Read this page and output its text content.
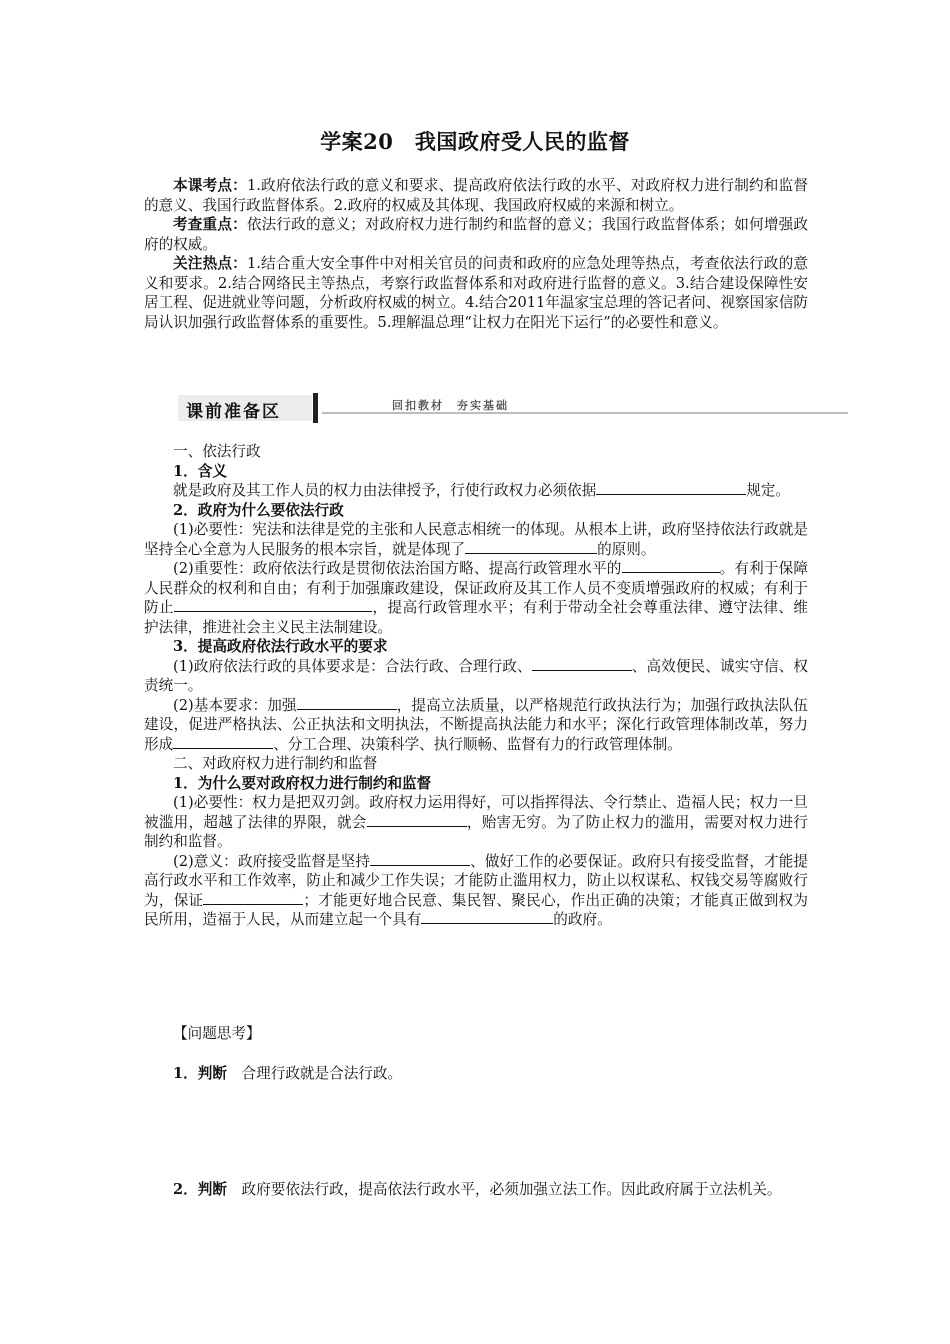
学案20　我国政府受人民的监督

本课考点：1.政府依法行政的意义和要求、提高政府依法行政的水平、对政府权力进行制约和监督的意义、我国行政监督体系。2.政府的权威及其体现、我国政府权威的来源和树立。

考查重点：依法行政的意义；对政府权力进行制约和监督的意义；我国行政监督体系；如何增强政府的权威。

关注热点：1.结合重大安全事件中对相关官员的问责和政府的应急处理等热点，考查依法行政的意义和要求。2.结合网络民主等热点，考察行政监督体系和对政府进行监督的意义。3.结合建设保障性安居工程、促进就业等问题，分析政府权威的树立。4.结合2011年温家宝总理的答记者问、视察国家信防局认识加强行政监督体系的重要性。5.理解温总理“让权力在阳光下运行”的必要性和意义。

课前准备区	回扣教材　夯实基础

一、依法行政

1．含义

就是政府及其工作人员的权力由法律授予，行使行政权力必须依据	规定。

2．政府为什么要依法行政

(1)必要性：宪法和法律是党的主张和人民意志相统一的体现。从根本上讲，政府坚持依法行政就是坚持全心全意为人民服务的根本宗旨，就是体现了	的原则。

(2)重要性：政府依法行政是贯彻依法治国方略、提高行政管理水平的	。有利于保障人民群众的权利和自由；有利于加强廉政建设，保证政府及其工作人员不变质增强政府的权威；有利于防止	，提高行政管理水平；有利于带动全社会尊重法律、遵守法律、维护法律，推进社会主义民主法制建设。

3．提高政府依法行政水平的要求

(1)政府依法行政的具体要求是：合法行政、合理行政、	、高效便民、诚实守信、权责统一。

(2)基本要求：加强	，提高立法质量，以严格规范行政执法行为；加强行政执法队伍建设，促进严格执法、公正执法和文明执法，不断提高执法能力和水平；深化行政管理体制改革，努力形成	、分工合理、决策科学、执行顺畅、监督有力的行政管理体制。

二、对政府权力进行制约和监督

1．为什么要对政府权力进行制约和监督

(1)必要性：权力是把双刃剑。政府权力运用得好，可以指挥得法、令行禁止、造福人民；权力一旦被滥用，超越了法律的界限，就会	，贻害无穷。为了防止权力的滥用，需要对权力进行制约和监督。

(2)意义：政府接受监督是坚持	、做好工作的必要保证。政府只有接受监督，才能提高行政水平和工作效率，防止和减少工作失误；才能防止滥用权力，防止以权谋私、权钱交易等腐败行为，保证	；才能更好地合民意、集民智、聚民心，作出正确的决策；才能真正做到权为民所用，造福于人民，从而建立起一个具有	的政府。

【问题思考】

1．判断　 合理行政就是合法行政。

2．判断　 政府要依法行政，提高依法行政水平，必须加强立法工作。因此政府属于立法机关。
